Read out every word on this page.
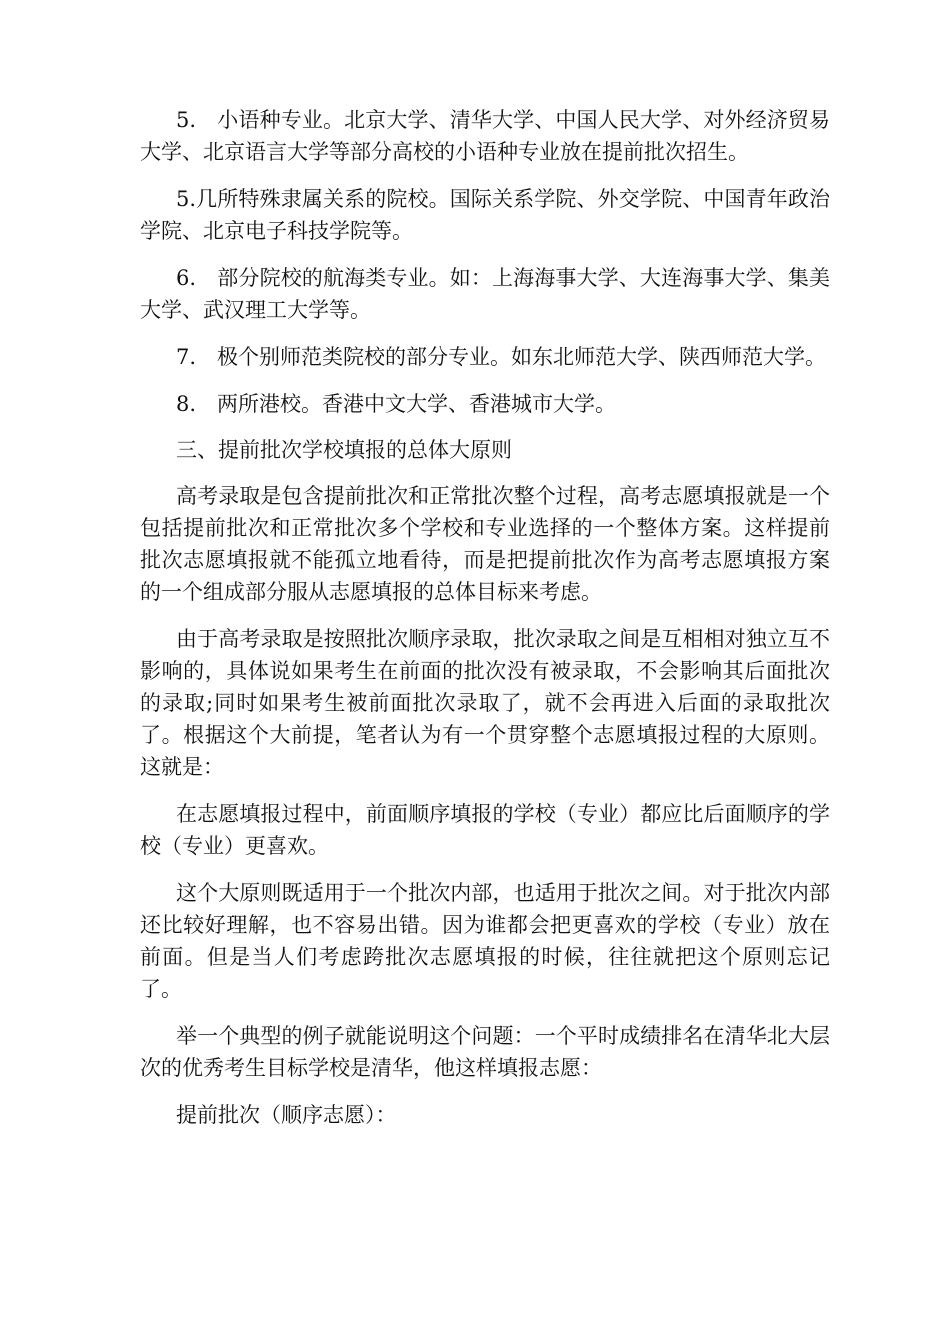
5.　小语种专业。北京大学、清华大学、中国人民大学、对外经济贸易大学、北京语言大学等部分高校的小语种专业放在提前批次招生。

5.几所特殊隶属关系的院校。国际关系学院、外交学院、中国青年政治学院、北京电子科技学院等。

6.　部分院校的航海类专业。如：上海海事大学、大连海事大学、集美大学、武汉理工大学等。

7.　极个别师范类院校的部分专业。如东北师范大学、陕西师范大学。

8.　两所港校。香港中文大学、香港城市大学。

三、提前批次学校填报的总体大原则

高考录取是包含提前批次和正常批次整个过程，高考志愿填报就是一个包括提前批次和正常批次多个学校和专业选择的一个整体方案。这样提前批次志愿填报就不能孤立地看待，而是把提前批次作为高考志愿填报方案的一个组成部分服从志愿填报的总体目标来考虑。

由于高考录取是按照批次顺序录取，批次录取之间是互相相对独立互不影响的，具体说如果考生在前面的批次没有被录取，不会影响其后面批次的录取;同时如果考生被前面批次录取了，就不会再进入后面的录取批次了。根据这个大前提，笔者认为有一个贯穿整个志愿填报过程的大原则。这就是：

在志愿填报过程中，前面顺序填报的学校（专业）都应比后面顺序的学校（专业）更喜欢。

这个大原则既适用于一个批次内部，也适用于批次之间。对于批次内部还比较好理解，也不容易出错。因为谁都会把更喜欢的学校（专业）放在前面。但是当人们考虑跨批次志愿填报的时候，往往就把这个原则忘记了。

举一个典型的例子就能说明这个问题：一个平时成绩排名在清华北大层次的优秀考生目标学校是清华，他这样填报志愿：

提前批次（顺序志愿）：
